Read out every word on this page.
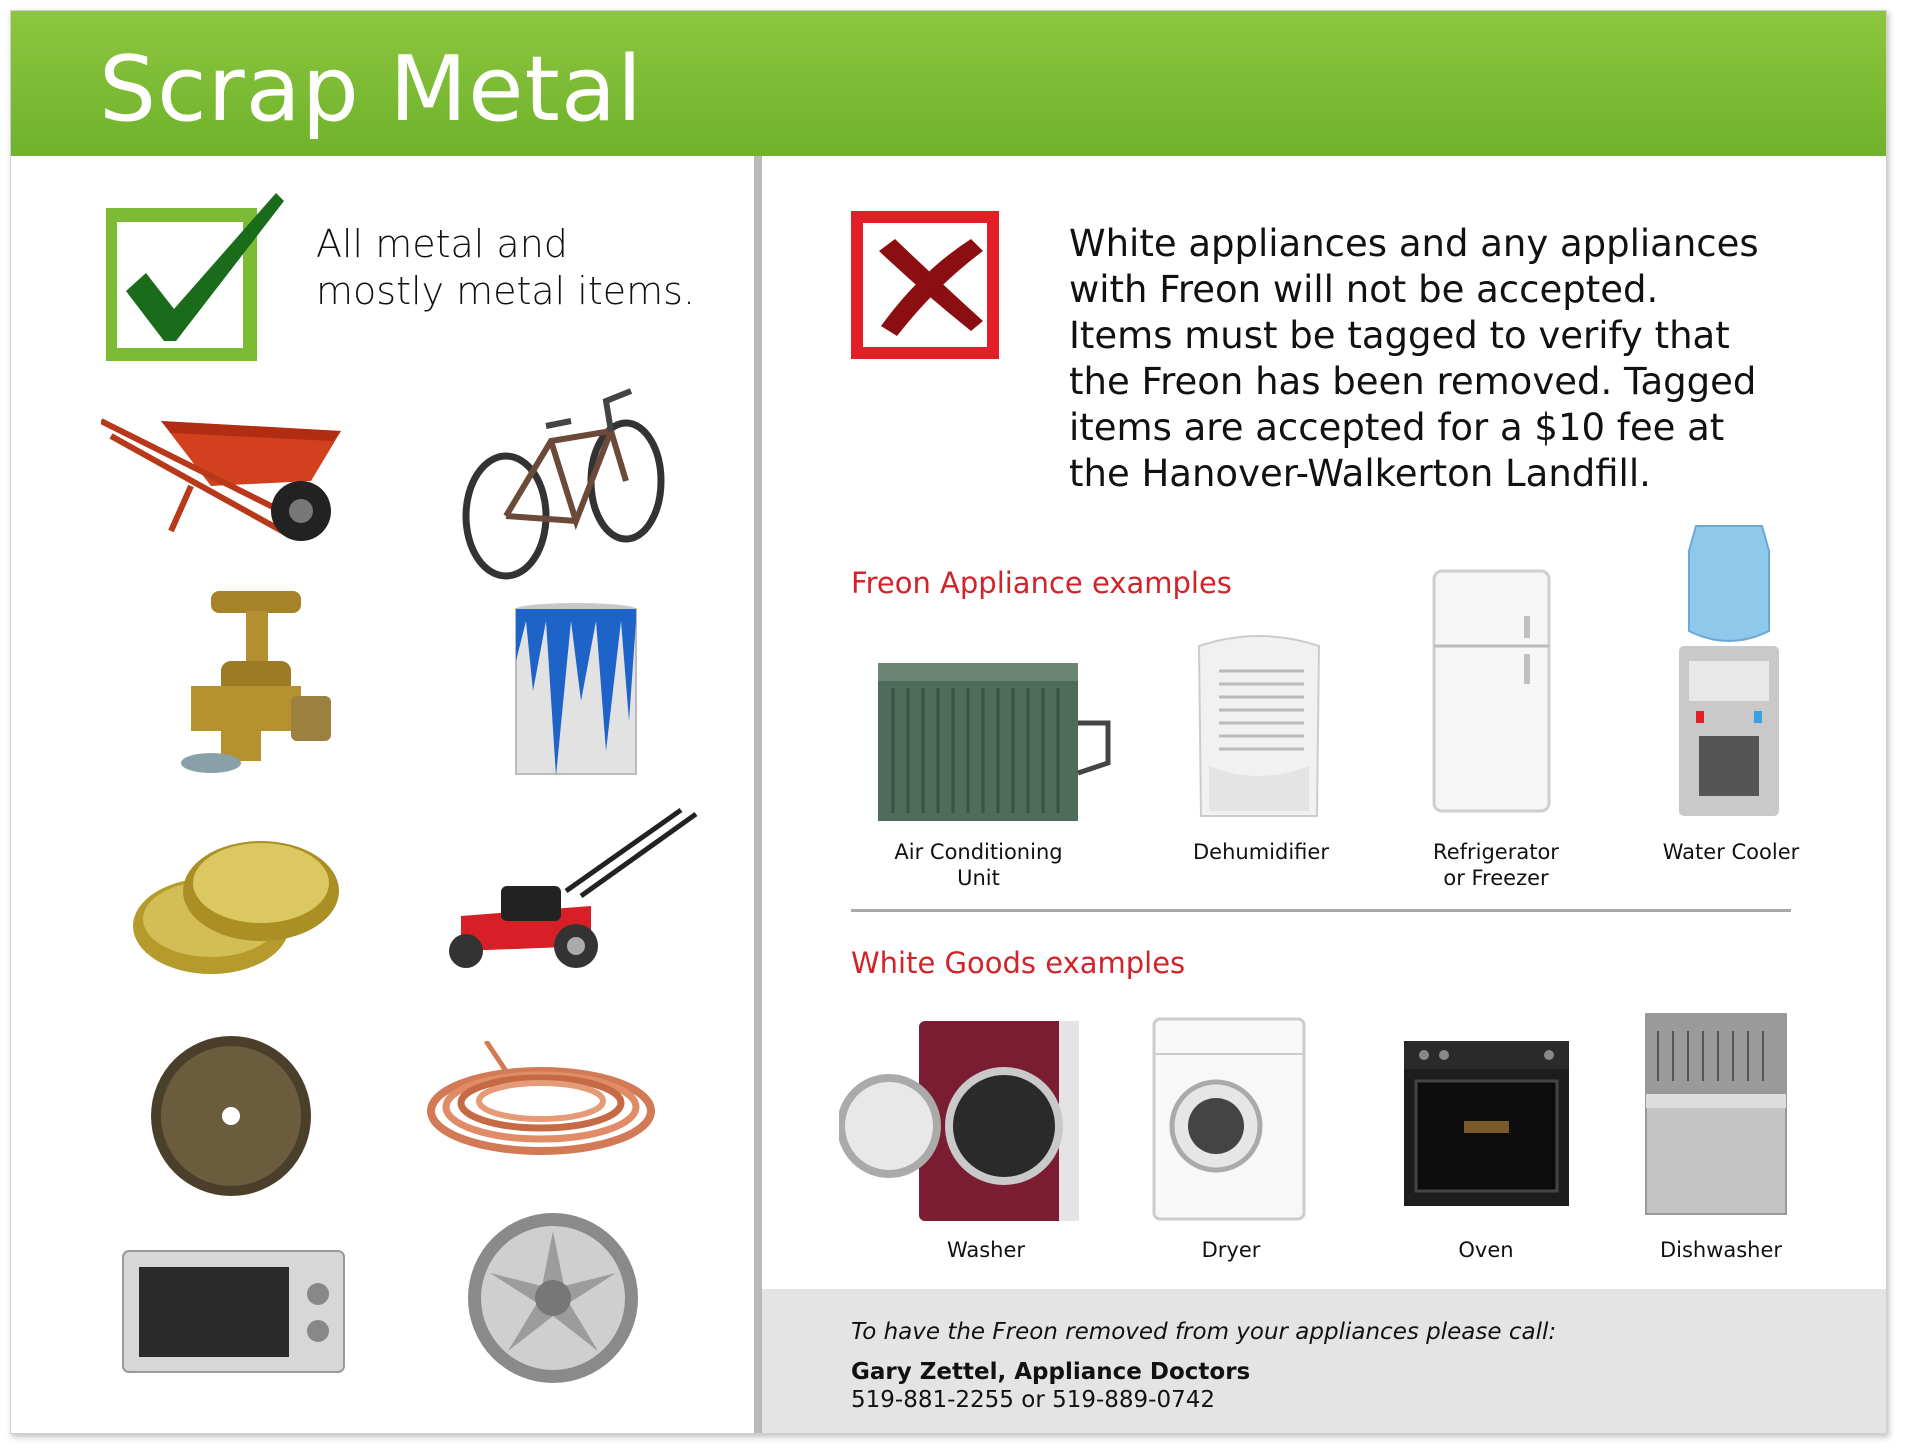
Scrap Metal
All metal and
mostly metal items.
White appliances and any appliances
with Freon will not be accepted.
Items must be tagged to verify that
the Freon has been removed. Tagged
items are accepted for a $10 fee at
the Hanover-Walkerton Landfill.
Freon Appliance examples
Air Conditioning Unit
Dehumidifier	Refrigerator
or Freezer
Water Cooler
White Goods examples
Washer	Dryer	Oven	Dishwasher
To have the Freon removed from your appliances please call:
Gary Zettel, Appliance Doctors
519-881-2255 or 519-889-0742
